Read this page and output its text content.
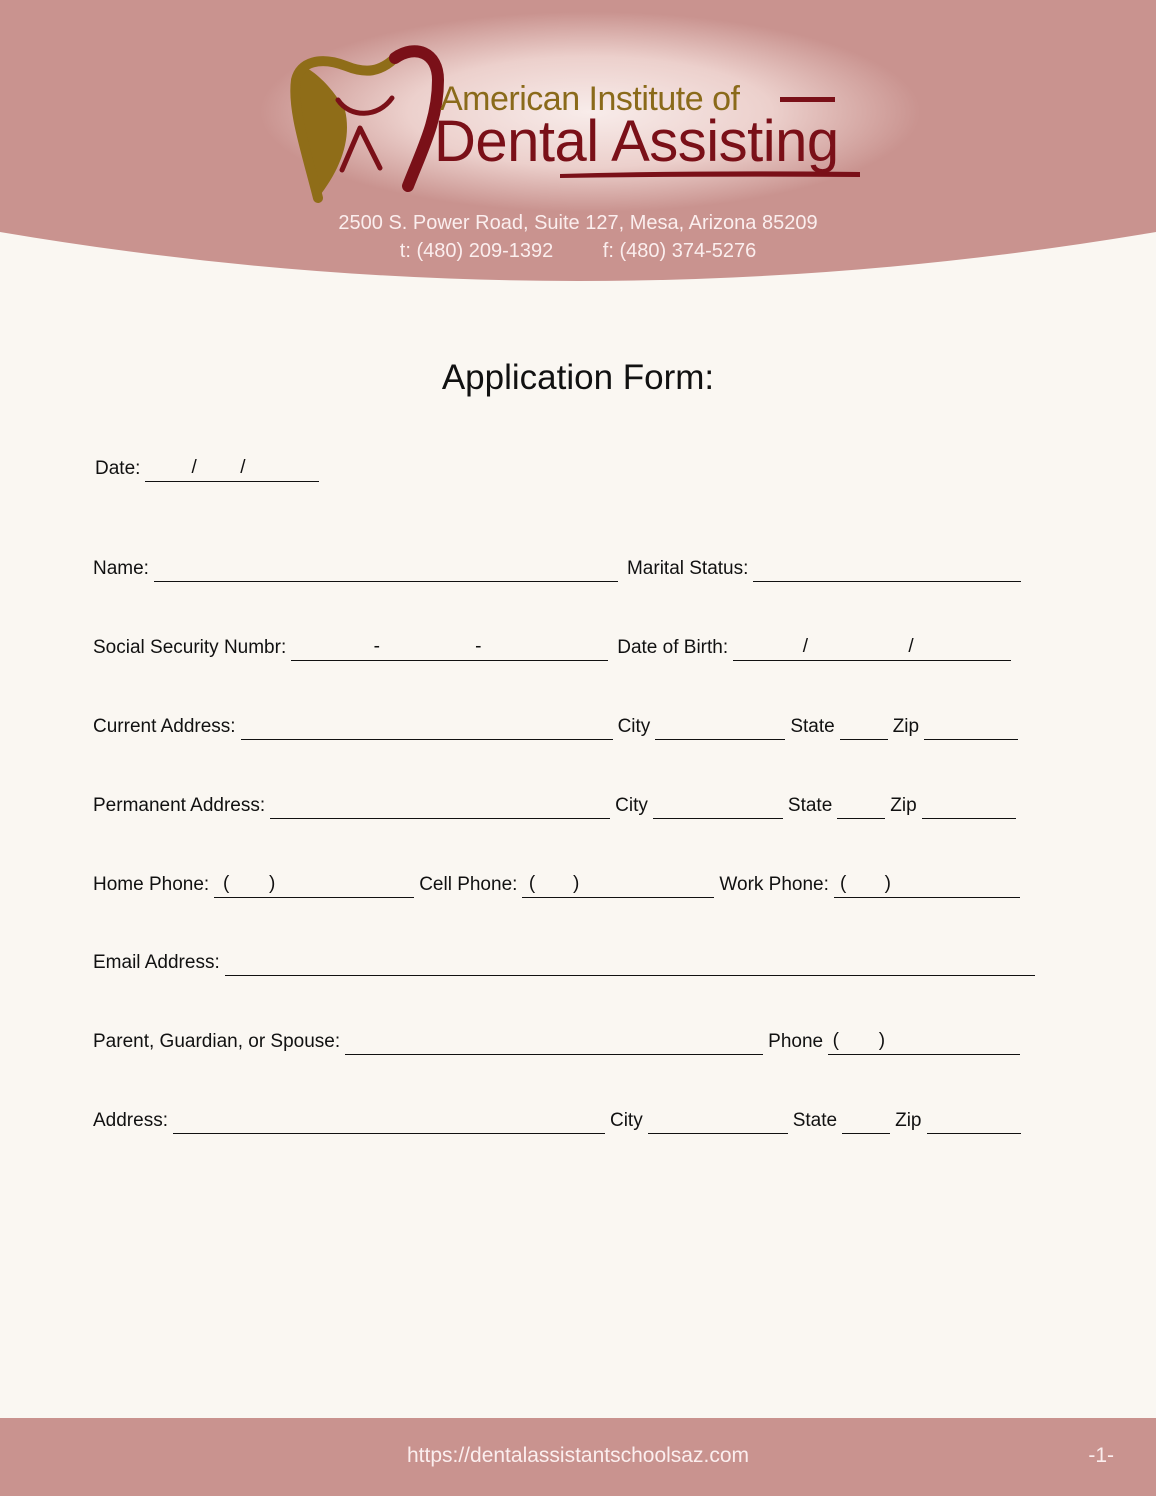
American Institute of
Dental Assisting
2500 S. Power Road, Suite 127, Mesa, Arizona 85209
t: (480) 209-1392 f: (480) 374-5276
Application Form:
Date:	/ /
Name:	Marital Status:
Social Security Numbr:	-	-	Date of Birth:	/	/
Current Address:	City	State	Zip
Permanent Address:	City	State	Zip
Home Phone: ( )	Cell Phone: ( )	Work Phone: ( )
Email Address:
Parent, Guardian, or Spouse:	Phone ( )
Address:	City	State	Zip
https://dentalassistantschoolsaz.com	-1-
